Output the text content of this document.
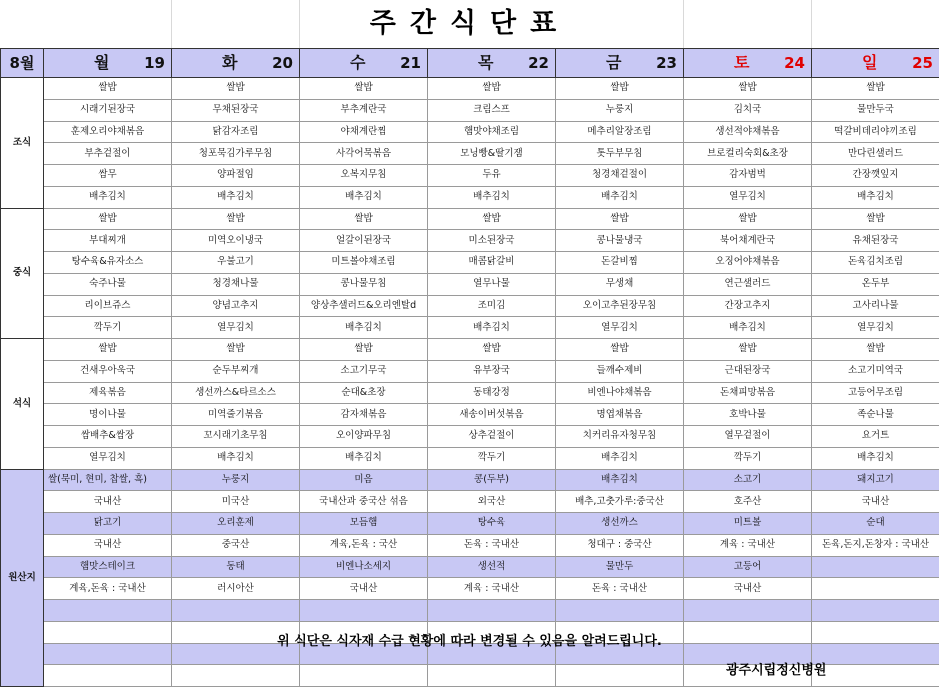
주간식단표
8월	월 19	화 20	수 21	목 22	금 23	토 24	일 25

조식	쌀밥	쌀밥	쌀밥	쌀밥	쌀밥	쌀밥	쌀밥
	시래기된장국	무채된장국	부추계란국	크림스프	누룽지	김치국	물만두국
	훈제오리야채볶음	닭감자조림	야채계란찜	햄맛야채조림	메추리알장조림	생선적야채볶음	떡갈비데리야끼조림
	부추겉절이	청포묵김가루무침	사각어묵볶음	모닝빵&딸기잼	톳두부무침	브로컬리숙회&초장	만다린샐러드
	쌈무	양파절임	오복지무침	두유	청경채겉절이	감자범벅	간장깻잎지
	배추김치	배추김치	배추김치	배추김치	배추김치	열무김치	배추김치
중식	쌀밥	쌀밥	쌀밥	쌀밥	쌀밥	쌀밥	쌀밥
	부대찌개	미역오이냉국	얼갈이된장국	미소된장국	콩나물냉국	북어채계란국	유채된장국
	탕수육&유자소스	우불고기	미트볼야채조림	매콤닭갈비	돈갈비찜	오징어야채볶음	돈육김치조림
	숙주나물	청경채나물	콩나물무침	열무나물	무생채	연근샐러드	온두부
	리이브쥬스	양념고추지	양상추샐러드&오리엔탈d	조미김	오이고추된장무침	간장고추지	고사리나물
	깍두기	열무김치	배추김치	배추김치	열무김치	배추김치	열무김치
석식	쌀밥	쌀밥	쌀밥	쌀밥	쌀밥	쌀밥	쌀밥
	건새우아욱국	순두부찌개	소고기무국	유부장국	들깨수제비	근대된장국	소고기미역국
	제육볶음	생선까스&타르소스	순대&초장	동태강정	비엔나야채볶음	돈채피망볶음	고등어무조림
	명이나물	미역줄기볶음	감자채볶음	새송이버섯볶음	명엽채볶음	호박나물	족순나물
	쌈배추&쌈장	꼬시래기초무침	오이양파무침	상추겉절이	치커리유자청무침	열무겉절이	요거트
	열무김치	배추김치	배추김치	깍두기	배추김치	깍두기	배추김치
원산지	쌀(묵미, 현미, 찹쌀, 흑)	누룽지	미음	콩(두부)	배추김치	소고기	돼지고기
	국내산	미국산	국내산과 중국산 섞음	외국산	배추,고춧가루:중국산	호주산	국내산
	닭고기	오리훈제	모듬햄	탕수육	생선까스	미트볼	순대
	국내산	중국산	계육,돈육 : 국산	돈육 : 국내산	청대구 : 중국산	계육 : 국내산	돈육,돈지,돈창자 : 국내산
	햄맛스테이크	동태	비엔나소세지	생선적	물만두	고등어	
	계육,돈육 : 국내산	러시아산	국내산	계육 : 국내산	돈육 : 국내산	국내산	

위 식단은 식자재 수급 현황에 따라 변경될 수 있음을 알려드립니다.
광주시립정신병원
